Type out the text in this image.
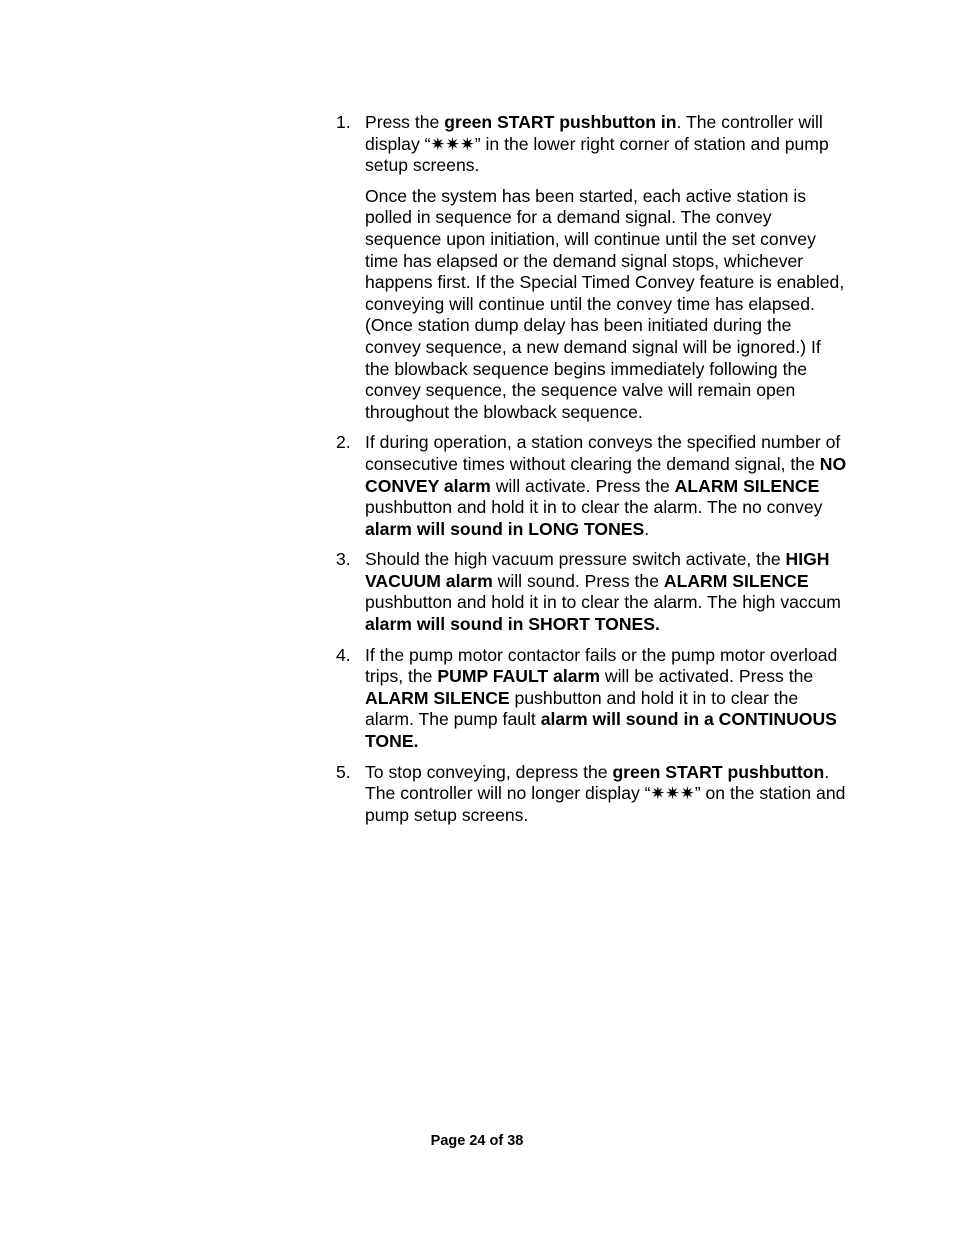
1. Press the green START pushbutton in. The controller will display “✷✷✷” in the lower right corner of station and pump setup screens.

Once the system has been started, each active station is polled in sequence for a demand signal. The convey sequence upon initiation, will continue until the set convey time has elapsed or the demand signal stops, whichever happens first. If the Special Timed Convey feature is enabled, conveying will continue until the convey time has elapsed. (Once station dump delay has been initiated during the convey sequence, a new demand signal will be ignored.) If the blowback sequence begins immediately following the convey sequence, the sequence valve will remain open throughout the blowback sequence.

2. If during operation, a station conveys the specified number of consecutive times without clearing the demand signal, the NO CONVEY alarm will activate. Press the ALARM SILENCE pushbutton and hold it in to clear the alarm. The no convey alarm will sound in LONG TONES.

3. Should the high vacuum pressure switch activate, the HIGH VACUUM alarm will sound. Press the ALARM SILENCE pushbutton and hold it in to clear the alarm. The high vaccum alarm will sound in SHORT TONES.

4. If the pump motor contactor fails or the pump motor overload trips, the PUMP FAULT alarm will be activated. Press the ALARM SILENCE pushbutton and hold it in to clear the alarm. The pump fault alarm will sound in a CONTINUOUS TONE.

5. To stop conveying, depress the green START pushbutton. The controller will no longer display “✷✷✷” on the station and pump setup screens.

Page 24 of 38
